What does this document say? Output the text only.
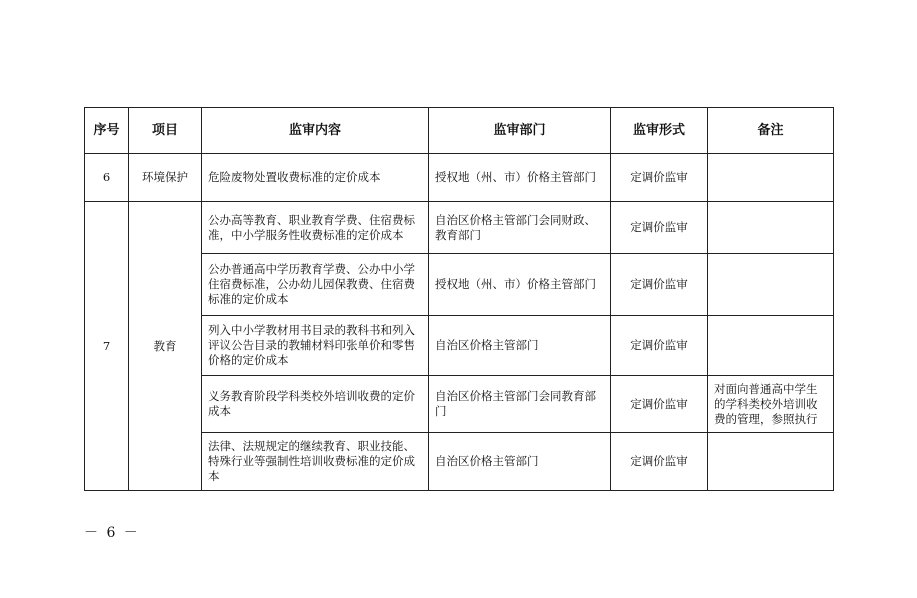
序号	项目	监审内容	监审部门	监审形式	备注
6	环境保护	危险废物处置收费标准的定价成本	授权地（州、市）价格主管部门	定调价监审	
7	教育	公办高等教育、职业教育学费、住宿费标准，中小学服务性收费标准的定价成本	自治区价格主管部门会同财政、教育部门	定调价监审	
		公办普通高中学历教育学费、公办中小学住宿费标准，公办幼儿园保教费、住宿费标准的定价成本	授权地（州、市）价格主管部门	定调价监审	
		列入中小学教材用书目录的教科书和列入评议公告目录的教辅材料印张单价和零售价格的定价成本	自治区价格主管部门	定调价监审	
		义务教育阶段学科类校外培训收费的定价成本	自治区价格主管部门会同教育部门	定调价监审	对面向普通高中学生的学科类校外培训收费的管理，参照执行
		法律、法规规定的继续教育、职业技能、特殊行业等强制性培训收费标准的定价成本	自治区价格主管部门	定调价监审	
－ 6 －
